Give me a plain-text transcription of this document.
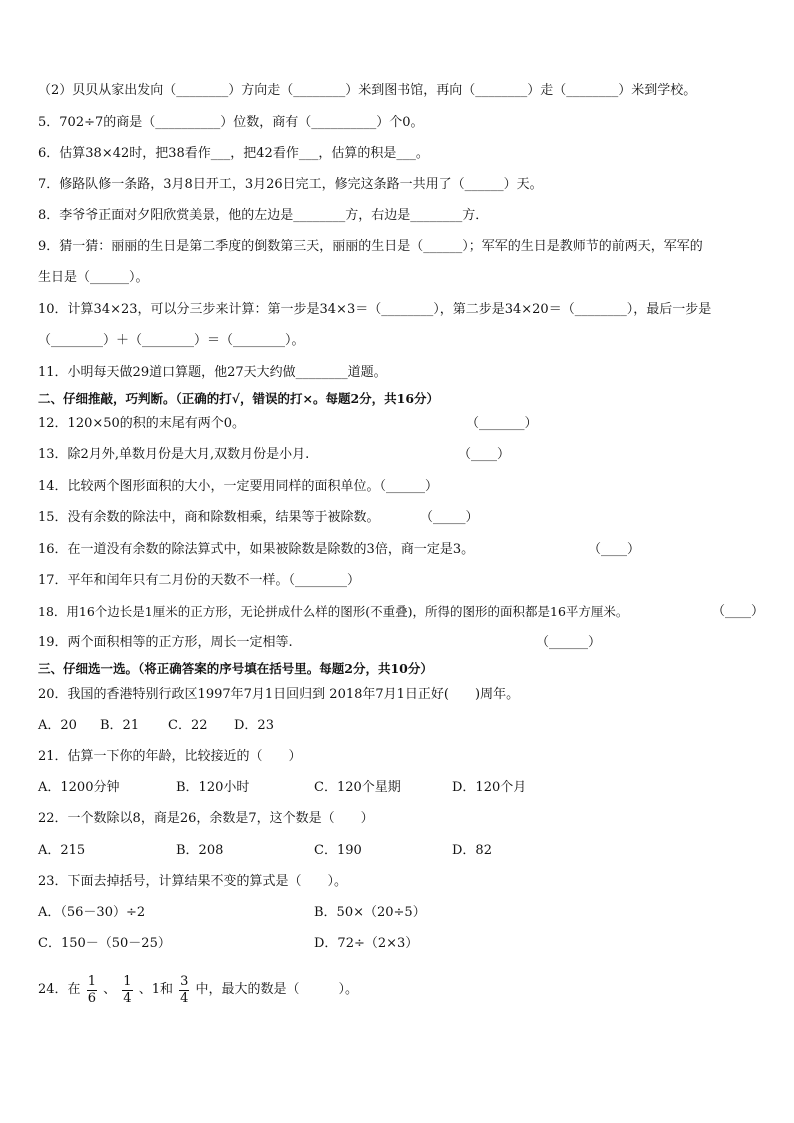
（2）贝贝从家出发向（________）方向走（________）米到图书馆，再向（________）走（________）米到学校。
5．702÷7的商是（__________）位数，商有（__________）个0。
6．估算38×42时，把38看作___，把42看作___，估算的积是___。
7．修路队修一条路，3月8日开工，3月26日完工，修完这条路一共用了（______）天。
8．李爷爷正面对夕阳欣赏美景，他的左边是________方，右边是________方．
9．猜一猜：丽丽的生日是第二季度的倒数第三天，丽丽的生日是（______）；军军的生日是教师节的前两天，军军的
生日是（______）。
10．计算34×23，可以分三步来计算：第一步是34×3＝（________），第二步是34×20＝（________），最后一步是
（________）＋（________）＝（________）。
11．小明每天做29道口算题，他27天大约做________道题。
二、仔细推敲，巧判断。（正确的打√，错误的打×。每题2分，共16分）
12．120×50的积的末尾有两个0。	（_______）
13．除2月外,单数月份是大月,双数月份是小月.	（____）
14．比较两个图形面积的大小，一定要用同样的面积单位。（______）
15．没有余数的除法中，商和除数相乘，结果等于被除数。	（_____）
16．在一道没有余数的除法算式中，如果被除数是除数的3倍，商一定是3。	（____）
17．平年和闰年只有二月份的天数不一样。（________）
18．用16个边长是1厘米的正方形，无论拼成什么样的图形(不重叠)，所得的图形的面积都是16平方厘米。	（____）
19．两个面积相等的正方形，周长一定相等.	（______）
三、仔细选一选。（将正确答案的序号填在括号里。每题2分，共10分）
20．我国的香港特别行政区1997年7月1日回归到 2018年7月1日正好(　　)周年。
A．20 B．21 C．22 D．23
21．估算一下你的年龄，比较接近的（　　）
A．1200分钟	B．120小时	C．120个星期	D．120个月
22．一个数除以8，商是26，余数是7，这个数是（　　）
A．215	B．208	C．190	D．82
23．下面去掉括号，计算结果不变的算式是（　　）。
A．（56－30）÷2	B．50×（20÷5）
C．150－（50－25）	D．72÷（2×3）
24．在 $\frac{1}{6}$ 、 $\frac{1}{4}$ 、1和 $\frac{3}{4}$ 中，最大的数是（　　　）。
